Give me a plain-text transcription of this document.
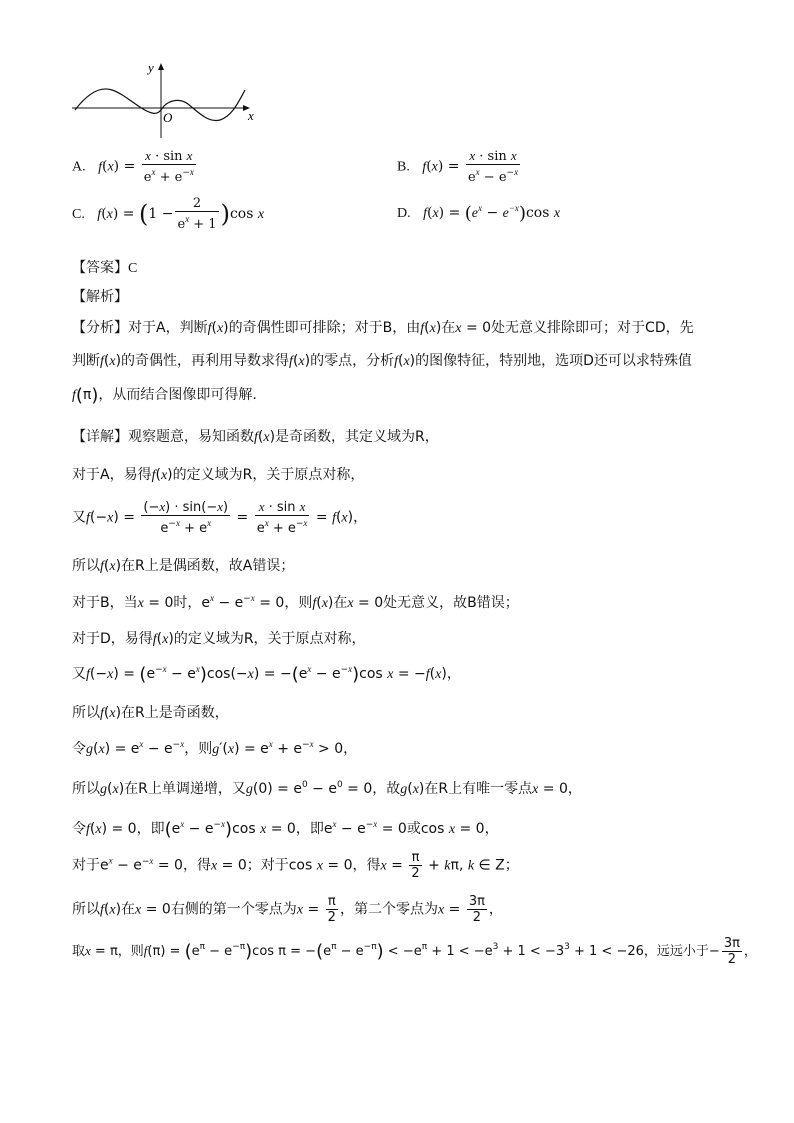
y
x
O
A. $f(x) = \frac{\text{x · sin x}}{e^x + e^{-x}}$	B. $f(x) = \frac{\text{x · sin x}}{e^x - e^{-x}}$
C. $f(x) = (1 - \frac{2}{e^x + 1} )\cos$ x	D. $f(x) = (e^x - e^{-x})\cos$ x
【答案】C
【解析】
【分析】对于A，判断f(x)的奇偶性即可排除；对于B，由f(x)在x = 0处无意义排除即可；对于CD，先
判断f(x)的奇偶性，再利用导数求得f(x)的零点，分析f(x)的图像特征，特别地，选项D还可以求特殊值
f(π)，从而结合图像即可得解.
【详解】观察题意，易知函数f(x)是奇函数，其定义域为R，
对于A，易得f(x)的定义域为R，关于原点对称，
又$f(-x) = \frac{(-x) \cdot \sin(-x)}{e^{-x} + e^x} = \frac{\text{x · sin x}}{e^x + e^{-x}} = f(x)$，
所以f(x)在R上是偶函数，故A错误；
对于B，当x = 0时，$e^x - e^{-x} = 0$，则f(x)在x = 0处无意义，故B错误；
对于D，易得f(x)的定义域为R，关于原点对称，
又$f(-x) = (e^{-x} - e^x)\cos(-x) = -(e^x - e^{-x})\cos$ x = −f(x)，
所以f(x)在R上是奇函数，
令$g(x) = e^x - e^{-x}$，则$g'(x) = e^x + e^{-x} > 0$，
所以g(x)在R上单调递增，又$g(0) = e^0 - e^0 = 0$，故g(x)在R上有唯一零点x = 0，
令f(x) = 0，即$(e^x - e^{-x})\cos$ x = 0，即$e^x - e^{-x} = 0$或cos x = 0，
对于$e^x - e^{-x} = 0$，得x = 0；对于cos x = 0，得$x = \frac{\pi}{2} + k\pi$, k ∈ Z；
所以f(x)在x = 0右侧的第一个零点为$x = \frac{\pi}{2}$ ，第二个零点为$x = \frac{3\pi}{2}$ ，
取x = π，则$f(\pi) = (e^\pi - e^{-\pi})\cos$ $\pi = -(e^\pi - e^{-\pi}) < -e^\pi + 1 < -e^3 + 1 < -3^3 + 1 < -26$，远远小于− $\frac{3\pi}{2}$ ，
